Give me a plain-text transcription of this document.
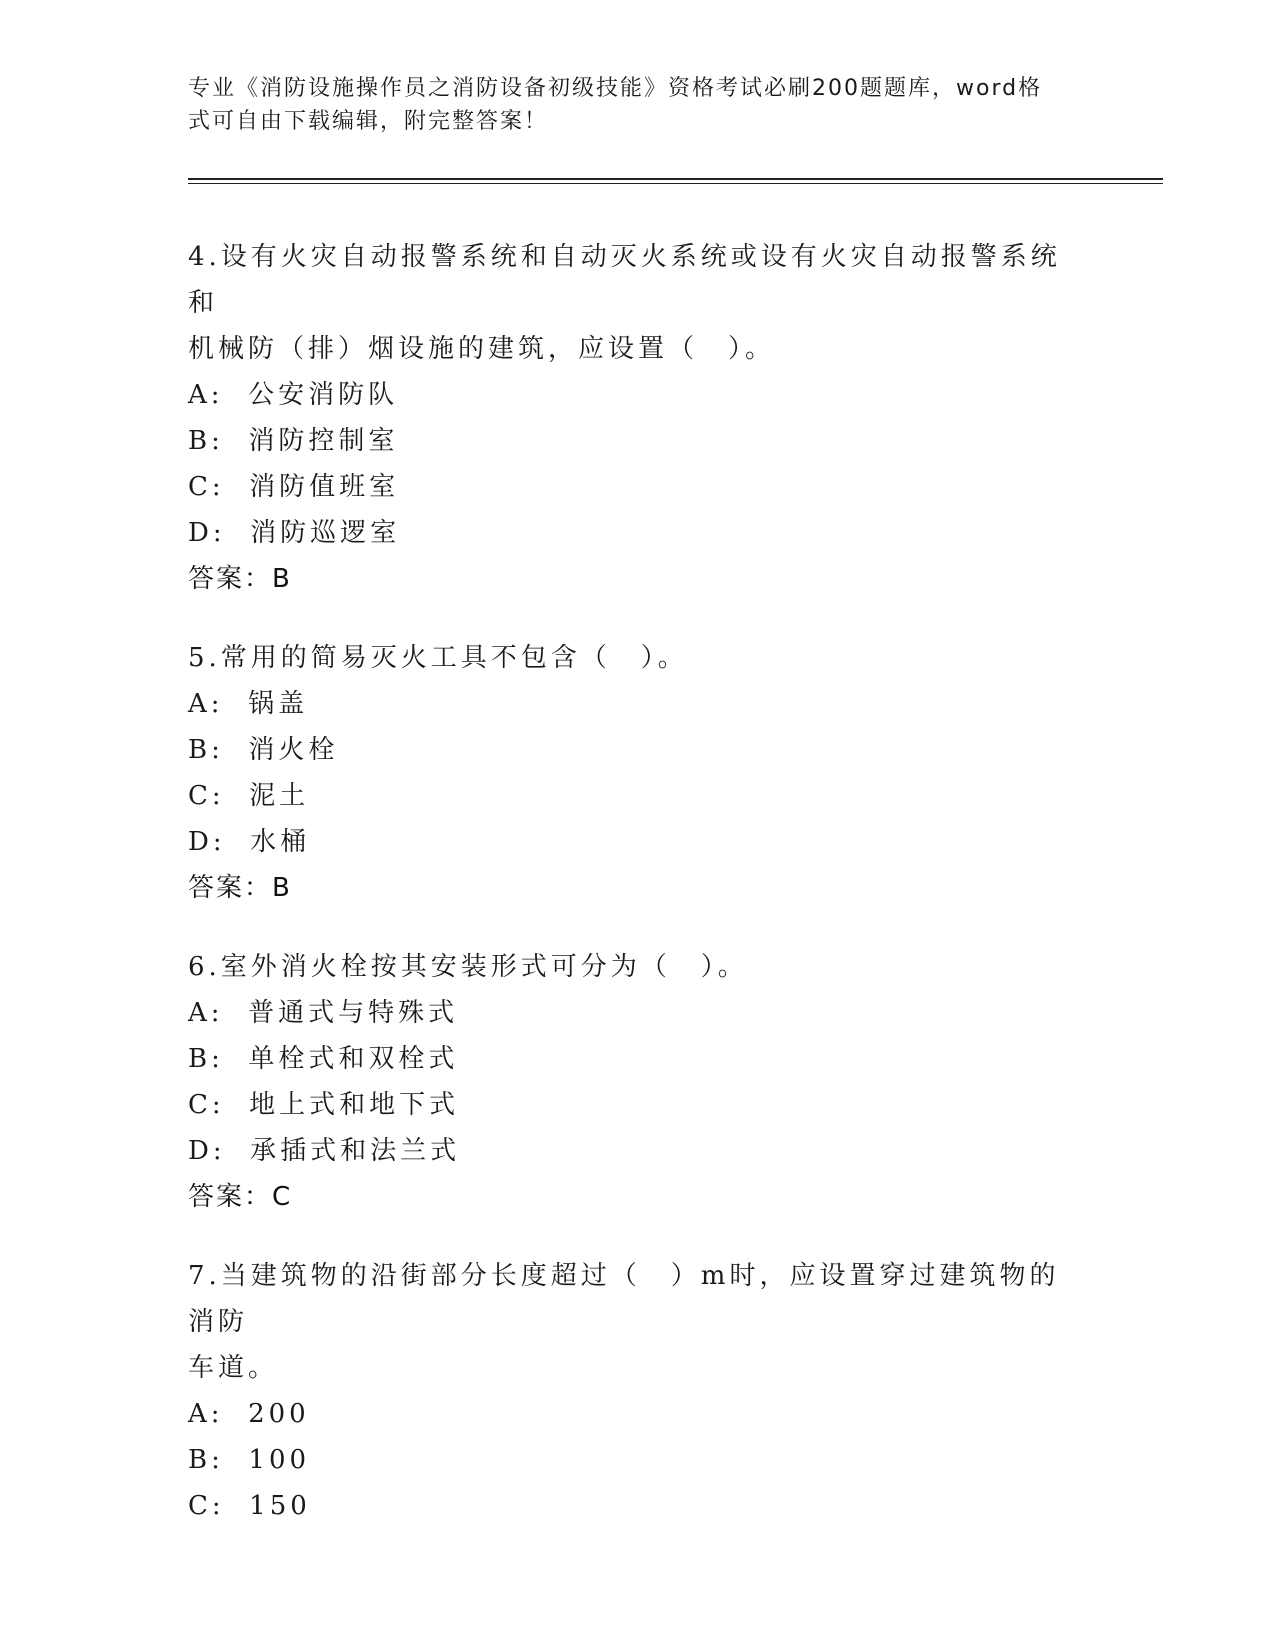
专业《消防设施操作员之消防设备初级技能》资格考试必刷200题题库，word格
式可自由下载编辑，附完整答案！
4.设有火灾自动报警系统和自动灭火系统或设有火灾自动报警系统和
机械防（排）烟设施的建筑，应设置（　）。
A:  公安消防队
B:  消防控制室
C:  消防值班室
D:  消防巡逻室
答案：B
5.常用的简易灭火工具不包含（　）。
A:  锅盖
B:  消火栓
C:  泥土
D:  水桶
答案：B
6.室外消火栓按其安装形式可分为（　）。
A:  普通式与特殊式
B:  单栓式和双栓式
C:  地上式和地下式
D:  承插式和法兰式
答案：C
7.当建筑物的沿街部分长度超过（　）m时，应设置穿过建筑物的消防
车道。
A:  200
B:  100
C:  150
